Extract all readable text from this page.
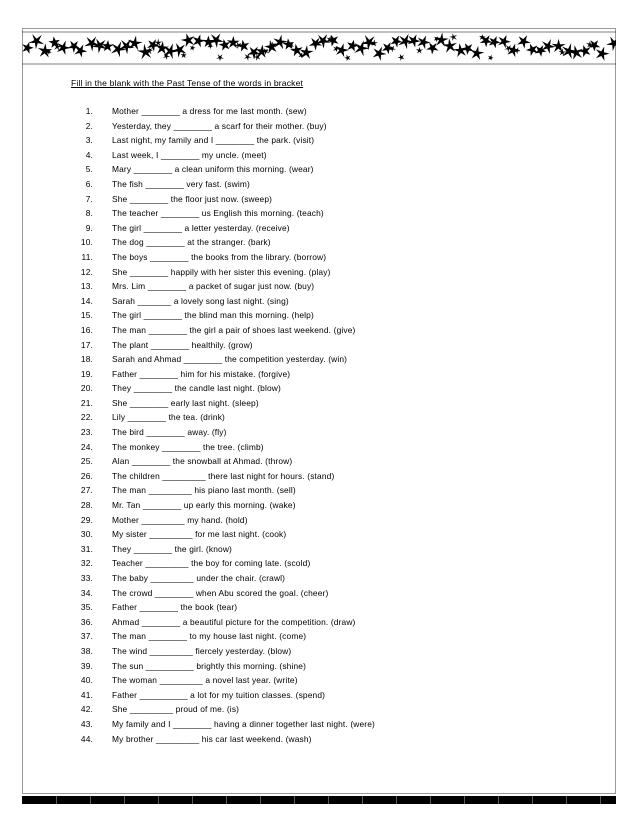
Fill in the blank with the Past Tense of the words in bracket
1.	Mother ________ a dress for me last month. (sew)
2.	Yesterday, they ________ a scarf for their mother. (buy)
3.	Last night, my family and I ________ the park. (visit)
4.	Last week, I ________ my uncle. (meet)
5.	Mary ________ a clean uniform this morning. (wear)
6.	The fish ________ very fast. (swim)
7.	She ________ the floor just now. (sweep)
8.	The teacher ________ us English this morning. (teach)
9.	The girl ________ a letter yesterday. (receive)
10.	The dog ________ at the stranger. (bark)
11.	The boys ________ the books from the library. (borrow)
12.	She ________ happily with her sister this evening. (play)
13.	Mrs. Lim ________ a packet of sugar just now. (buy)
14.	Sarah _______ a lovely song last night. (sing)
15.	The girl ________ the blind man this morning. (help)
16.	The man ________ the girl a pair of shoes last weekend. (give)
17.	The plant ________ healthily. (grow)
18.	Sarah and Ahmad ________ the competition yesterday. (win)
19.	Father ________ him for his mistake. (forgive)
20.	They ________ the candle last night. (blow)
21.	She ________ early last night. (sleep)
22.	Lily ________ the tea. (drink)
23.	The bird ________ away. (fly)
24.	The monkey ________ the tree. (climb)
25.	Alan ________ the snowball at Ahmad. (throw)
26.	The children _________ there last night for hours. (stand)
27.	The man _________ his piano last month. (sell)
28.	Mr. Tan ________ up early this morning. (wake)
29.	Mother _________ my hand. (hold)
30.	My sister _________ for me last night. (cook)
31.	They ________ the girl. (know)
32.	Teacher _________ the boy for coming late. (scold)
33.	The baby _________ under the chair. (crawl)
34.	The crowd ________ when Abu scored the goal. (cheer)
35.	Father ________ the book (tear)
36.	Ahmad ________ a beautiful picture for the competition. (draw)
37.	The man ________ to my house last night. (come)
38.	The wind _________ fiercely yesterday. (blow)
39.	The sun __________ brightly this morning. (shine)
40.	The woman _________ a novel last year. (write)
41.	Father __________ a lot for my tuition classes. (spend)
42.	She _________ proud of me. (is)
43.	My family and I ________ having a dinner together last night. (were)
44.	My brother _________ his car last weekend. (wash)
